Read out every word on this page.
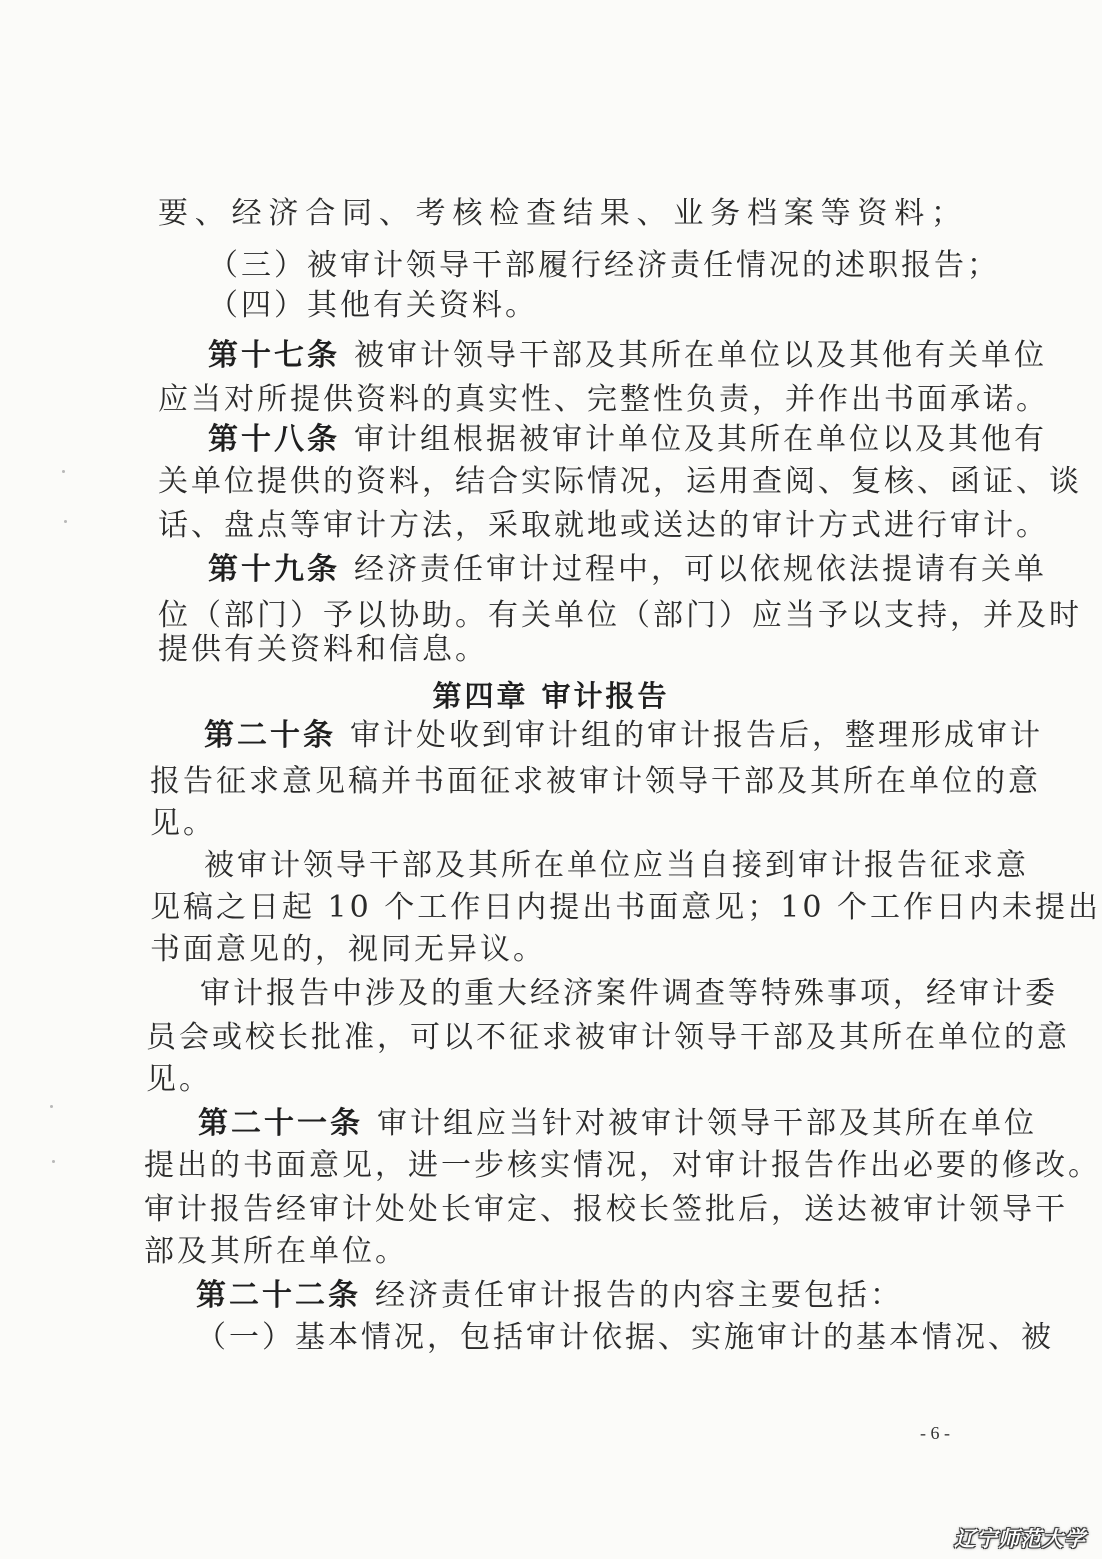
要、经济合同、考核检查结果、业务档案等资料；
（三）被审计领导干部履行经济责任情况的述职报告；
（四）其他有关资料。
第十七条 被审计领导干部及其所在单位以及其他有关单位
应当对所提供资料的真实性、完整性负责，并作出书面承诺。
第十八条 审计组根据被审计单位及其所在单位以及其他有
关单位提供的资料，结合实际情况，运用查阅、复核、函证、谈
话、盘点等审计方法，采取就地或送达的审计方式进行审计。
第十九条 经济责任审计过程中，可以依规依法提请有关单
位（部门）予以协助。有关单位（部门）应当予以支持，并及时
提供有关资料和信息。
第四章 审计报告
第二十条 审计处收到审计组的审计报告后，整理形成审计
报告征求意见稿并书面征求被审计领导干部及其所在单位的意
见。
被审计领导干部及其所在单位应当自接到审计报告征求意
见稿之日起 10 个工作日内提出书面意见；10 个工作日内未提出
书面意见的，视同无异议。
审计报告中涉及的重大经济案件调查等特殊事项，经审计委
员会或校长批准，可以不征求被审计领导干部及其所在单位的意
见。
第二十一条 审计组应当针对被审计领导干部及其所在单位
提出的书面意见，进一步核实情况，对审计报告作出必要的修改。
审计报告经审计处处长审定、报校长签批后，送达被审计领导干
部及其所在单位。
第二十二条 经济责任审计报告的内容主要包括：
（一）基本情况，包括审计依据、实施审计的基本情况、被
- 6 -
辽宁师范大学
